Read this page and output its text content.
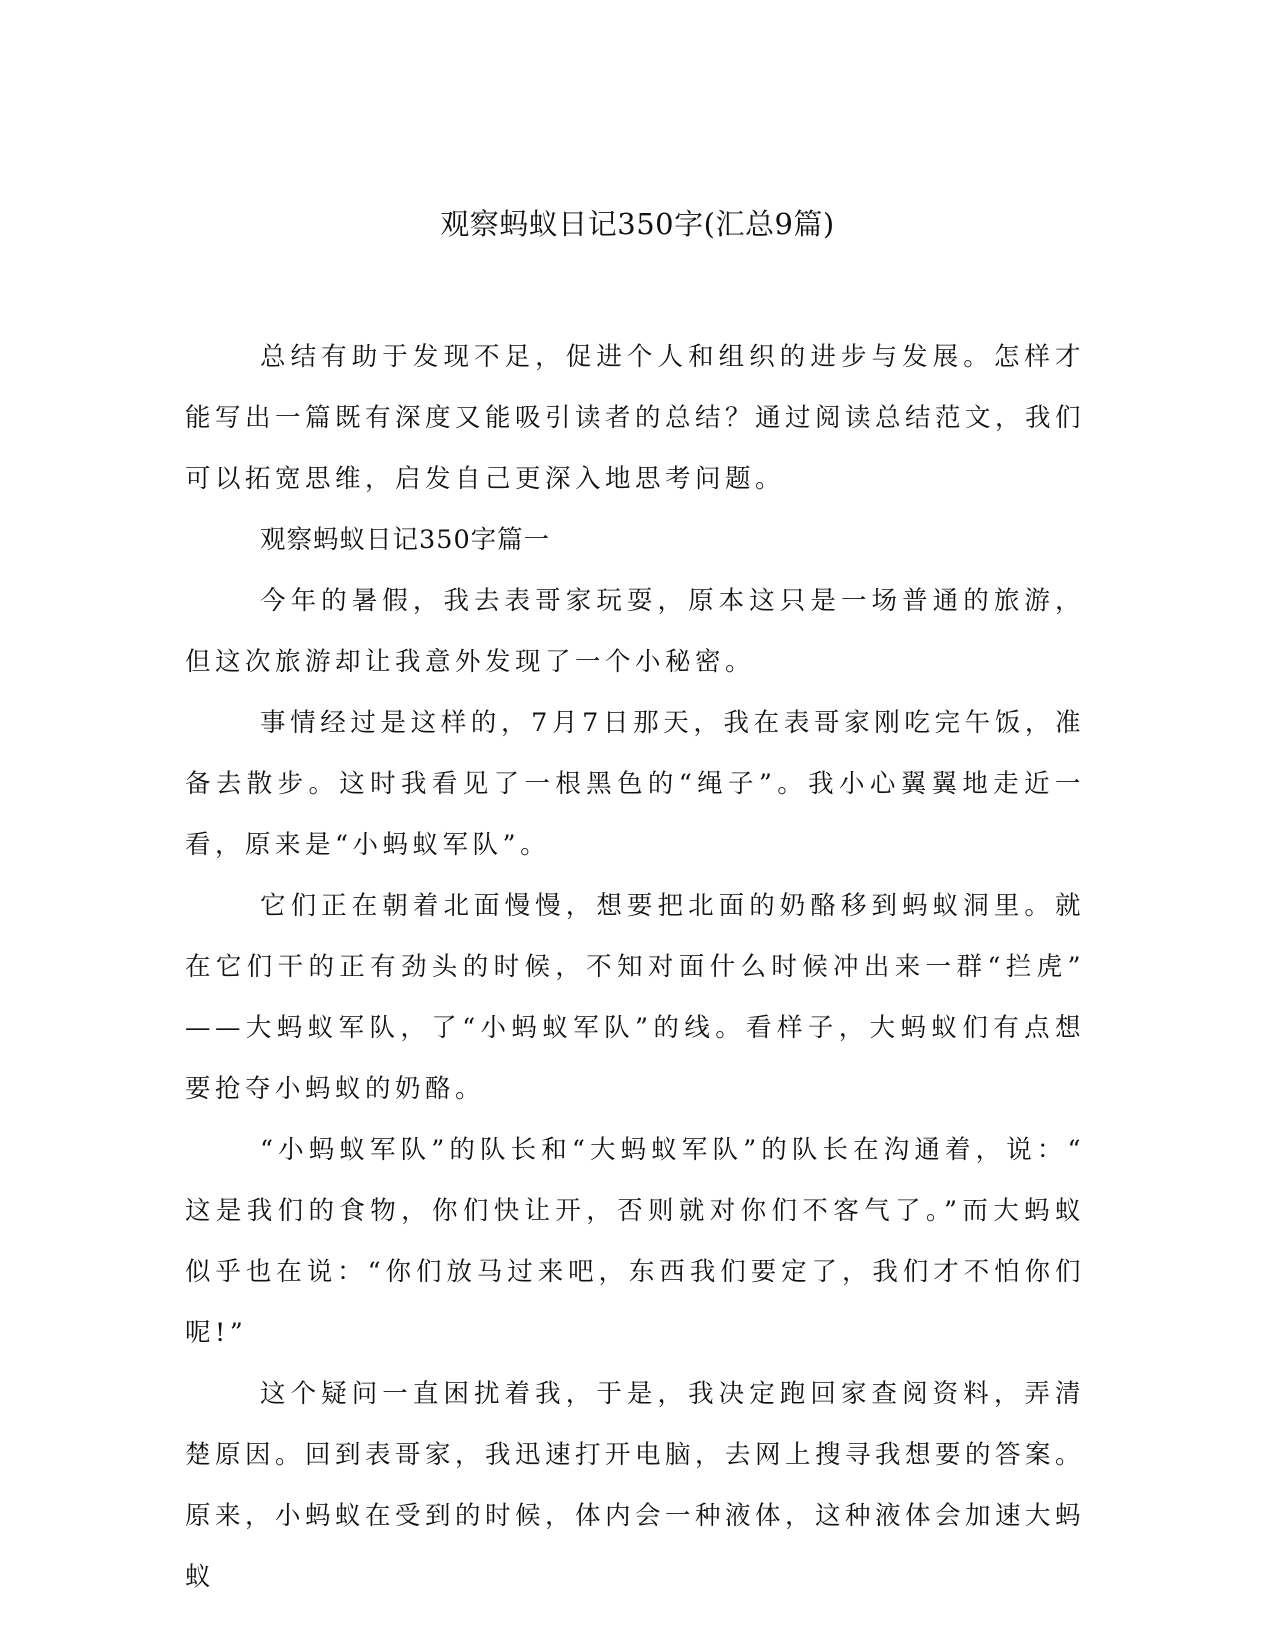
观察蚂蚁日记350字(汇总9篇)

总结有助于发现不足，促进个人和组织的进步与发展。怎样才能写出一篇既有深度又能吸引读者的总结？通过阅读总结范文，我们可以拓宽思维，启发自己更深入地思考问题。

观察蚂蚁日记350字篇一

今年的暑假，我去表哥家玩耍，原本这只是一场普通的旅游，但这次旅游却让我意外发现了一个小秘密。

事情经过是这样的，7月7日那天，我在表哥家刚吃完午饭，准备去散步。这时我看见了一根黑色的“绳子”。我小心翼翼地走近一看，原来是“小蚂蚁军队”。

它们正在朝着北面慢慢，想要把北面的奶酪移到蚂蚁洞里。就在它们干的正有劲头的时候，不知对面什么时候冲出来一群“拦虎”——大蚂蚁军队，了“小蚂蚁军队”的线。看样子，大蚂蚁们有点想要抢夺小蚂蚁的奶酪。

“小蚂蚁军队”的队长和“大蚂蚁军队”的队长在沟通着，说：“这是我们的食物，你们快让开，否则就对你们不客气了。”而大蚂蚁似乎也在说：“你们放马过来吧，东西我们要定了，我们才不怕你们呢!”

这个疑问一直困扰着我，于是，我决定跑回家查阅资料，弄清楚原因。回到表哥家，我迅速打开电脑，去网上搜寻我想要的答案。原来，小蚂蚁在受到的时候，体内会一种液体，这种液体会加速大蚂蚁
